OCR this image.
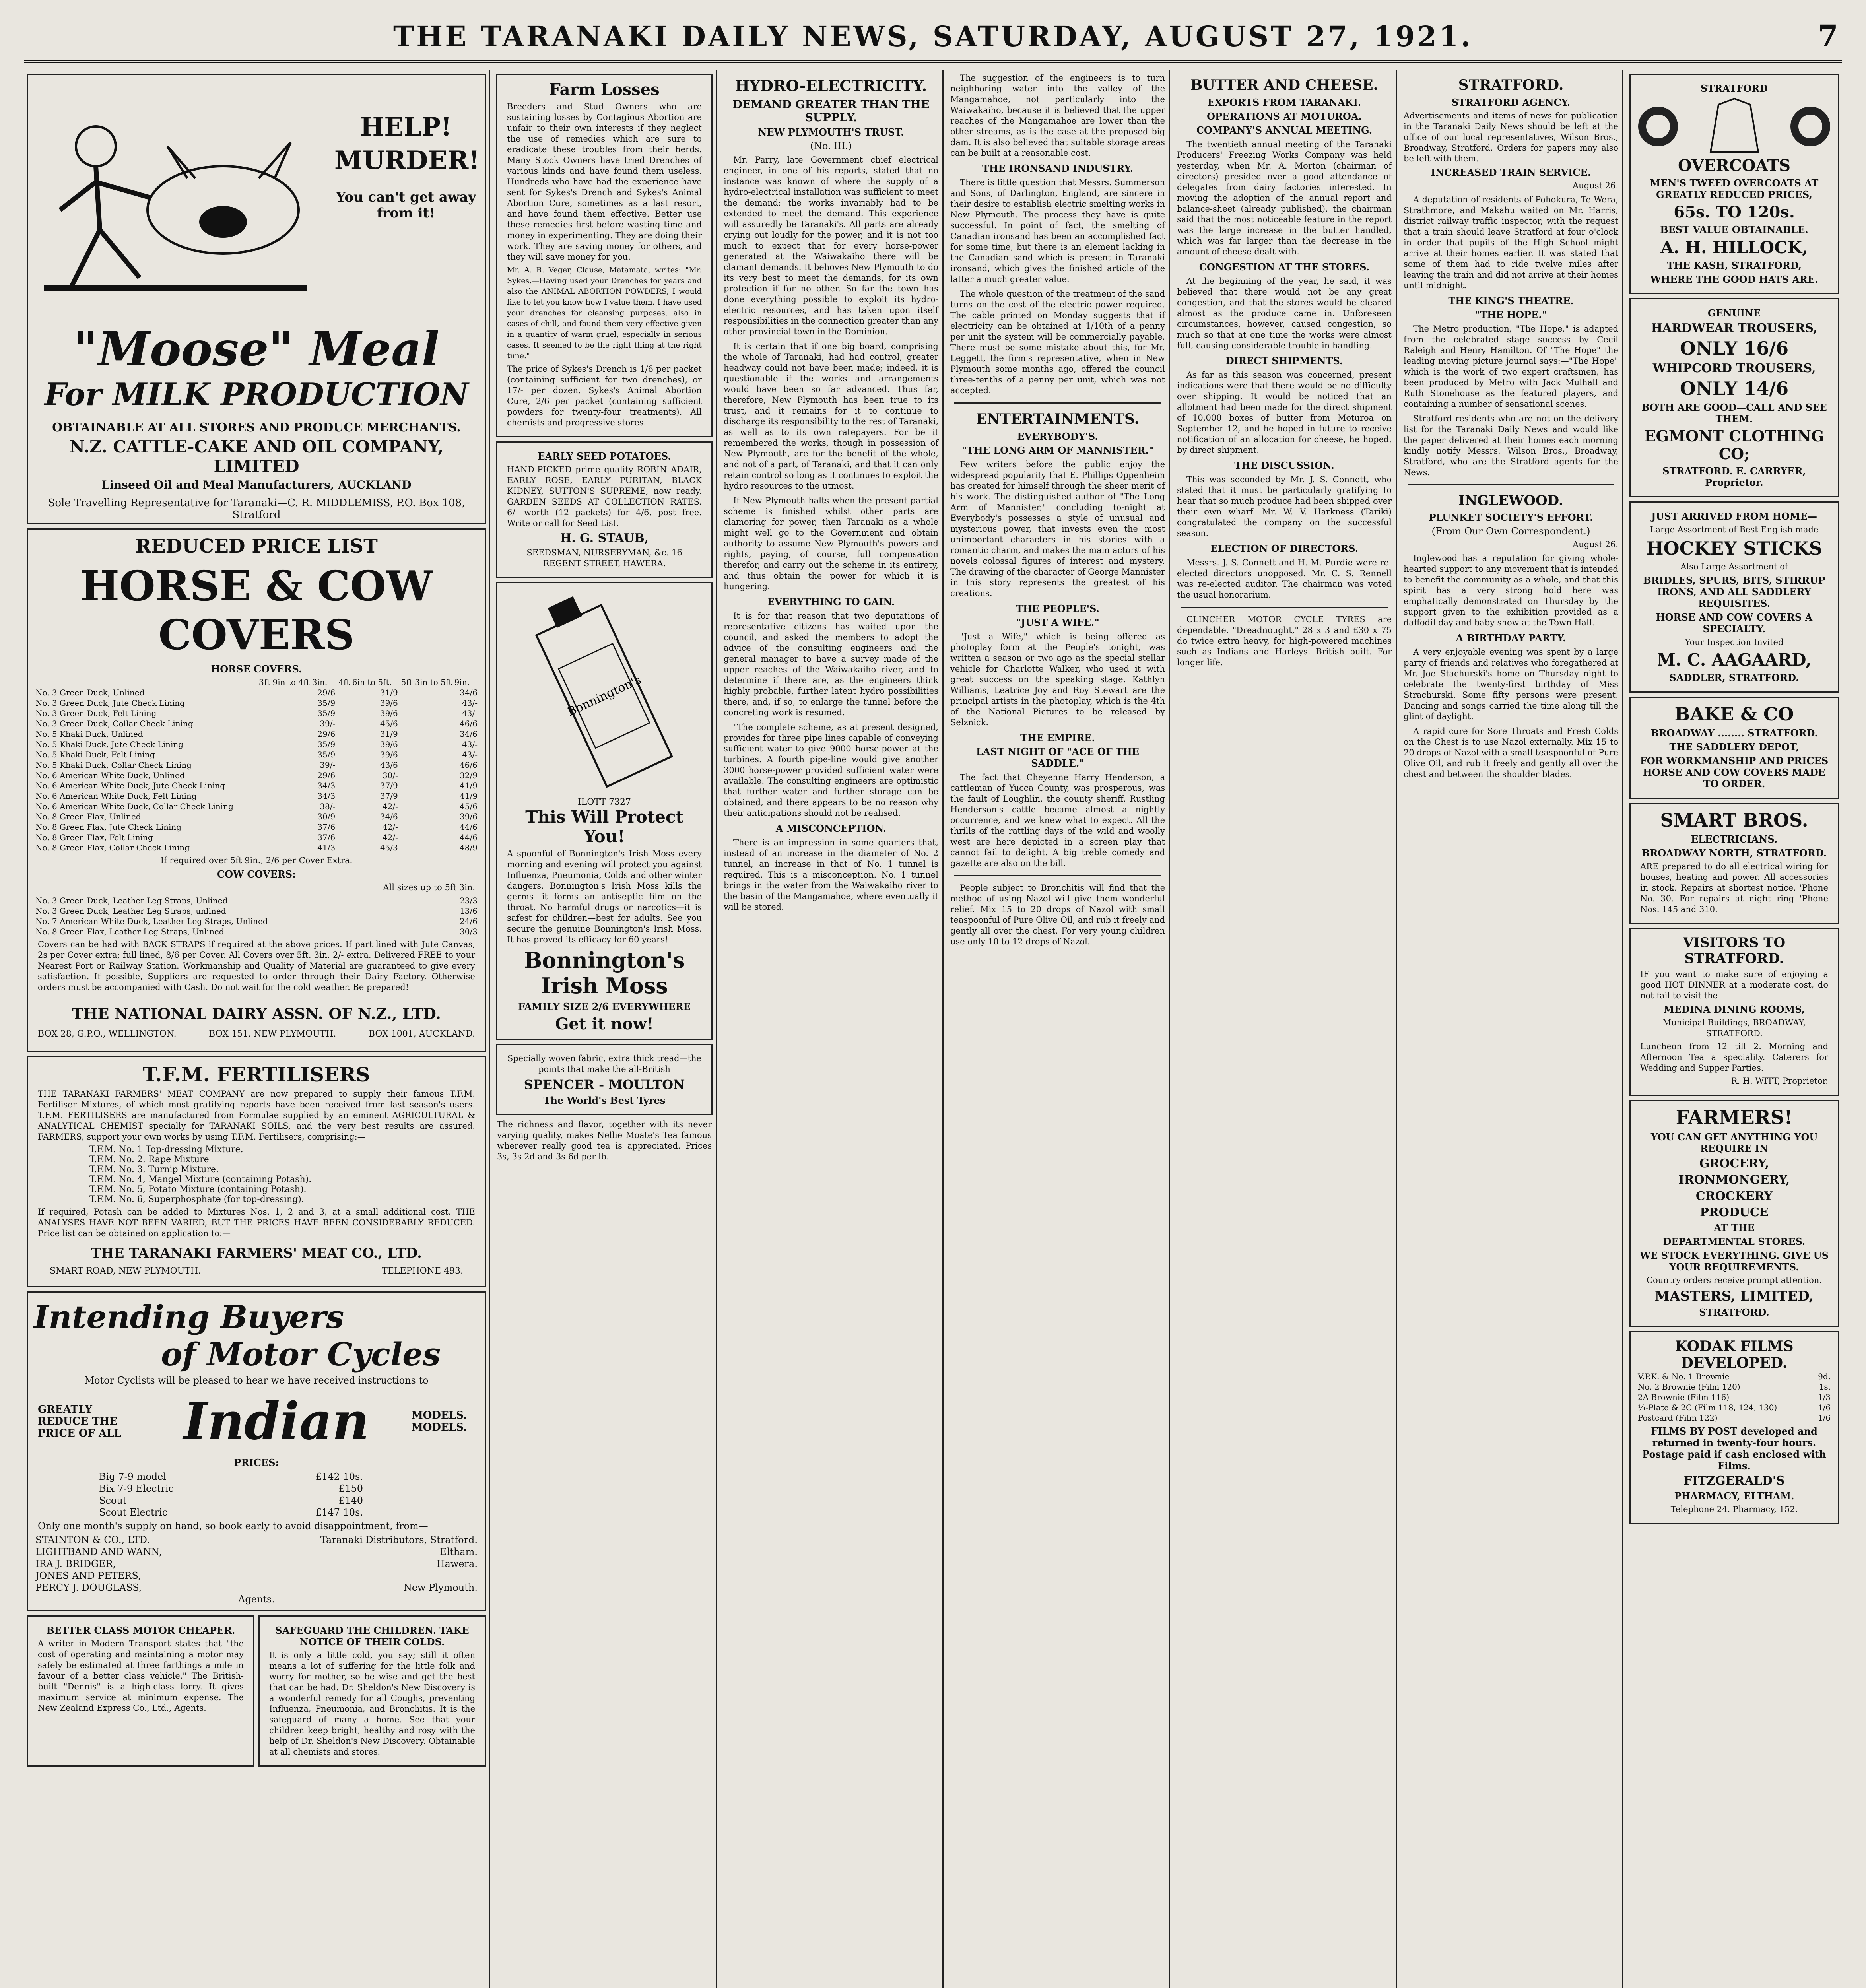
THE TARANAKI DAILY NEWS, SATURDAY, AUGUST 27, 1921.	7
HELP! MURDER!
You can't get away from it!
"Moose" Meal
For MILK PRODUCTION
OBTAINABLE AT ALL STORES AND PRODUCE MERCHANTS.
N.Z. CATTLE-CAKE AND OIL COMPANY, LIMITED
Linseed Oil and Meal Manufacturers, AUCKLAND
Sole Travelling Representative for Taranaki—C. R. MIDDLEMISS, P.O. Box 108, Stratford
REDUCED PRICE LIST
HORSE & COW COVERS
HORSE COVERS.
	3ft 9in to 4ft 3in.	4ft 6in to 5ft.	5ft 3in to 5ft 9in.
No. 3 Green Duck, Unlined	29/6	31/9	34/6
No. 3 Green Duck, Jute Check Lining	35/9	39/6	43/-
No. 3 Green Duck, Felt Lining	35/9	39/6	43/-
No. 3 Green Duck, Collar Check Lining	39/-	45/6	46/6
No. 5 Khaki Duck, Unlined	29/6	31/9	34/6
No. 5 Khaki Duck, Jute Check Lining	35/9	39/6	43/-
No. 5 Khaki Duck, Felt Lining	35/9	39/6	43/-
No. 5 Khaki Duck, Collar Check Lining	39/-	43/6	46/6
No. 6 American White Duck, Unlined	29/6	30/-	32/9
No. 6 American White Duck, Jute Check Lining	34/3	37/9	41/9
No. 6 American White Duck, Felt Lining	34/3	37/9	41/9
No. 6 American White Duck, Collar Check Lining	38/-	42/-	45/6
No. 8 Green Flax, Unlined	30/9	34/6	39/6
No. 8 Green Flax, Jute Check Lining	37/6	42/-	44/6
No. 8 Green Flax, Felt Lining	37/6	42/-	44/6
No. 8 Green Flax, Collar Check Lining	41/3	45/3	48/9
If required over 5ft 9in., 2/6 per Cover Extra.
COW COVERS:
All sizes up to 5ft 3in.
No. 3 Green Duck, Leather Leg Straps, Unlined	23/3
No. 3 Green Duck, Leather Leg Straps, unlined	13/6
No. 7 American White Duck, Leather Leg Straps, Unlined	24/6
No. 8 Green Flax, Leather Leg Straps, Unlined	30/3
Covers can be had with BACK STRAPS if required at the above prices. If part lined with Jute Canvas, 2s per Cover extra; full lined, 8/6 per Cover. All Covers over 5ft. 3in. 2/- extra. Delivered FREE to your Nearest Port or Railway Station. Workmanship and Quality of Material are guaranteed to give every satisfaction. If possible, Suppliers are requested to order through their Dairy Factory. Otherwise orders must be accompanied with Cash. Do not wait for the cold weather. Be prepared!
THE NATIONAL DAIRY ASSN. OF N.Z., LTD.
BOX 28, G.P.O., WELLINGTON.	BOX 151, NEW PLYMOUTH.	BOX 1001, AUCKLAND.
T.F.M. FERTILISERS
THE TARANAKI FARMERS' MEAT COMPANY are now prepared to supply their famous T.F.M. Fertiliser Mixtures, of which most gratifying reports have been received from last season's users. T.F.M. FERTILISERS are manufactured from Formulae supplied by an eminent AGRICULTURAL & ANALYTICAL CHEMIST specially for TARANAKI SOILS, and the very best results are assured. FARMERS, support your own works by using T.F.M. Fertilisers, comprising:—
T.F.M. No. 1 Top-dressing Mixture.
T.F.M. No. 2, Rape Mixture
T.F.M. No. 3, Turnip Mixture.
T.F.M. No. 4, Mangel Mixture (containing Potash).
T.F.M. No. 5, Potato Mixture (containing Potash).
T.F.M. No. 6, Superphosphate (for top-dressing).
If required, Potash can be added to Mixtures Nos. 1, 2 and 3, at a small additional cost. THE ANALYSES HAVE NOT BEEN VARIED, BUT THE PRICES HAVE BEEN CONSIDERABLY REDUCED. Price list can be obtained on application to:—
THE TARANAKI FARMERS' MEAT CO., LTD.
SMART ROAD, NEW PLYMOUTH.	TELEPHONE 493.
Intending Buyers
of Motor Cycles
Motor Cyclists will be pleased to hear we have received instructions to
GREATLY REDUCE THE PRICE OF ALL	Indian	MODELS. MODELS.
PRICES:
Big 7-9 model	£142 10s.
Bix 7-9 Electric	£150
Scout	£140
Scout Electric	£147 10s.
Only one month's supply on hand, so book early to avoid disappointment, from—
STAINTON & CO., LTD.	Taranaki Distributors, Stratford.
LIGHTBAND AND WANN,	Eltham.
IRA J. BRIDGER,	Hawera.
JONES AND PETERS,	
PERCY J. DOUGLASS,	New Plymouth.
Agents.
BETTER CLASS MOTOR CHEAPER.
A writer in Modern Transport states that "the cost of operating and maintaining a motor may safely be estimated at three farthings a mile in favour of a better class vehicle." The British-built "Dennis" is a high-class lorry. It gives maximum service at minimum expense. The New Zealand Express Co., Ltd., Agents.
SAFEGUARD THE CHILDREN. TAKE NOTICE OF THEIR COLDS.
It is only a little cold, you say; still it often means a lot of suffering for the little folk and worry for mother, so be wise and get the best that can be had. Dr. Sheldon's New Discovery is a wonderful remedy for all Coughs, preventing Influenza, Pneumonia, and Bronchitis. It is the safeguard of many a home. See that your children keep bright, healthy and rosy with the help of Dr. Sheldon's New Discovery. Obtainable at all chemists and stores.
Farm Losses
Breeders and Stud Owners who are sustaining losses by Contagious Abortion are unfair to their own interests if they neglect the use of remedies which are sure to eradicate these troubles from their herds. Many Stock Owners have tried Drenches of various kinds and have found them useless. Hundreds who have had the experience have sent for Sykes's Drench and Sykes's Animal Abortion Cure, sometimes as a last resort, and have found them effective. Better use these remedies first before wasting time and money in experimenting. They are doing their work. They are saving money for others, and they will save money for you.
Mr. A. R. Veger, Clause, Matamata, writes: "Mr. Sykes,—Having used your Drenches for years and also the ANIMAL ABORTION POWDERS, I would like to let you know how I value them. I have used your drenches for cleansing purposes, also in cases of chill, and found them very effective given in a quantity of warm gruel, especially in serious cases. It seemed to be the right thing at the right time."
The price of Sykes's Drench is 1/6 per packet (containing sufficient for two drenches), or 17/- per dozen. Sykes's Animal Abortion Cure, 2/6 per packet (containing sufficient powders for twenty-four treatments). All chemists and progressive stores.
EARLY SEED POTATOES.
HAND-PICKED prime quality ROBIN ADAIR, EARLY ROSE, EARLY PURITAN, BLACK KIDNEY, SUTTON'S SUPREME, now ready. GARDEN SEEDS AT COLLECTION RATES. 6/- worth (12 packets) for 4/6, post free. Write or call for Seed List.
H. G. STAUB,
SEEDSMAN, NURSERYMAN, &c. 16 REGENT STREET, HAWERA.
Bonnington's
ILOTT 7327
This Will Protect You!
A spoonful of Bonnington's Irish Moss every morning and evening will protect you against Influenza, Pneumonia, Colds and other winter dangers. Bonnington's Irish Moss kills the germs—it forms an antiseptic film on the throat. No harmful drugs or narcotics—it is safest for children—best for adults. See you secure the genuine Bonnington's Irish Moss. It has proved its efficacy for 60 years!
Bonnington's
Irish Moss
FAMILY SIZE 2/6 EVERYWHERE
Get it now!
Specially woven fabric, extra thick tread—the points that make the all-British
SPENCER - MOULTON
The World's Best Tyres
The richness and flavor, together with its never varying quality, makes Nellie Moate's Tea famous wherever really good tea is appreciated. Prices 3s, 3s 2d and 3s 6d per lb.
HYDRO-ELECTRICITY.
DEMAND GREATER THAN THE SUPPLY.
NEW PLYMOUTH'S TRUST.
(No. III.)

Mr. Parry, late Government chief electrical engineer, in one of his reports, stated that no instance was known of where the supply of a hydro-electrical installation was sufficient to meet the demand; the works invariably had to be extended to meet the demand. This experience will assuredly be Taranaki's. All parts are already crying out loudly for the power, and it is not too much to expect that for every horse-power generated at the Waiwakaiho there will be clamant demands. It behoves New Plymouth to do its very best to meet the demands, for its own protection if for no other. So far the town has done everything possible to exploit its hydro-electric resources, and has taken upon itself responsibilities in the connection greater than any other provincial town in the Dominion.

It is certain that if one big board, comprising the whole of Taranaki, had had control, greater headway could not have been made; indeed, it is questionable if the works and arrangements would have been so far advanced. Thus far, therefore, New Plymouth has been true to its trust, and it remains for it to continue to discharge its responsibility to the rest of Taranaki, as well as to its own ratepayers. For be it remembered the works, though in possession of New Plymouth, are for the benefit of the whole, and not of a part, of Taranaki, and that it can only retain control so long as it continues to exploit the hydro resources to the utmost.

If New Plymouth halts when the present partial scheme is finished whilst other parts are clamoring for power, then Taranaki as a whole might well go to the Government and obtain authority to assume New Plymouth's powers and rights, paying, of course, full compensation therefor, and carry out the scheme in its entirety, and thus obtain the power for which it is hungering.

EVERYTHING TO GAIN.

It is for that reason that two deputations of representative citizens has waited upon the council, and asked the members to adopt the advice of the consulting engineers and the general manager to have a survey made of the upper reaches of the Waiwakaiho river, and to determine if there are, as the engineers think highly probable, further latent hydro possibilities there, and, if so, to enlarge the tunnel before the concreting work is resumed.

"The complete scheme, as at present designed, provides for three pipe lines capable of conveying sufficient water to give 9000 horse-power at the turbines. A fourth pipe-line would give another 3000 horse-power provided sufficient water were available. The consulting engineers are optimistic that further water and further storage can be obtained, and there appears to be no reason why their anticipations should not be realised.

A MISCONCEPTION.

There is an impression in some quarters that, instead of an increase in the diameter of No. 2 tunnel, an increase in that of No. 1 tunnel is required. This is a misconception. No. 1 tunnel brings in the water from the Waiwakaiho river to the basin of the Mangamahoe, where eventually it will be stored.

The suggestion of the engineers is to turn neighboring water into the valley of the Mangamahoe, not particularly into the Waiwakaiho, because it is believed that the upper reaches of the Mangamahoe are lower than the other streams, as is the case at the proposed big dam. It is also believed that suitable storage areas can be built at a reasonable cost.

THE IRONSAND INDUSTRY.

There is little question that Messrs. Summerson and Sons, of Darlington, England, are sincere in their desire to establish electric smelting works in New Plymouth. The process they have is quite successful. In point of fact, the smelting of Canadian ironsand has been an accomplished fact for some time, but there is an element lacking in the Canadian sand which is present in Taranaki ironsand, which gives the finished article of the latter a much greater value.

The whole question of the treatment of the sand turns on the cost of the electric power required. The cable printed on Monday suggests that if electricity can be obtained at 1/10th of a penny per unit the system will be commercially payable. There must be some mistake about this, for Mr. Leggett, the firm's representative, when in New Plymouth some months ago, offered the council three-tenths of a penny per unit, which was not accepted.

ENTERTAINMENTS.
EVERYBODY'S.
"THE LONG ARM OF MANNISTER."

Few writers before the public enjoy the widespread popularity that E. Phillips Oppenheim has created for himself through the sheer merit of his work. The distinguished author of "The Long Arm of Mannister," concluding to-night at Everybody's possesses a style of unusual and mysterious power, that invests even the most unimportant characters in his stories with a romantic charm, and makes the main actors of his novels colossal figures of interest and mystery. The drawing of the character of George Mannister in this story represents the greatest of his creations.

THE PEOPLE'S.
"JUST A WIFE."

"Just a Wife," which is being offered as photoplay form at the People's tonight, was written a season or two ago as the special stellar vehicle for Charlotte Walker, who used it with great success on the speaking stage. Kathlyn Williams, Leatrice Joy and Roy Stewart are the principal artists in the photoplay, which is the 4th of the National Pictures to be released by Selznick.

THE EMPIRE.
LAST NIGHT OF "ACE OF THE SADDLE."

The fact that Cheyenne Harry Henderson, a cattleman of Yucca County, was prosperous, was the fault of Loughlin, the county sheriff. Rustling Henderson's cattle became almost a nightly occurrence, and we knew what to expect. All the thrills of the rattling days of the wild and woolly west are here depicted in a screen play that cannot fail to delight. A big treble comedy and gazette are also on the bill.

People subject to Bronchitis will find that the method of using Nazol will give them wonderful relief. Mix 15 to 20 drops of Nazol with small teaspoonful of Pure Olive Oil, and rub it freely and gently all over the chest. For very young children use only 10 to 12 drops of Nazol.

BUTTER AND CHEESE.
EXPORTS FROM TARANAKI.
OPERATIONS AT MOTUROA.
COMPANY'S ANNUAL MEETING.

The twentieth annual meeting of the Taranaki Producers' Freezing Works Company was held yesterday, when Mr. A. Morton (chairman of directors) presided over a good attendance of delegates from dairy factories interested. In moving the adoption of the annual report and balance-sheet (already published), the chairman said that the most noticeable feature in the report was the large increase in the butter handled, which was far larger than the decrease in the amount of cheese dealt with.

CONGESTION AT THE STORES.

At the beginning of the year, he said, it was believed that there would not be any great congestion, and that the stores would be cleared almost as the produce came in. Unforeseen circumstances, however, caused congestion, so much so that at one time the works were almost full, causing considerable trouble in handling.

DIRECT SHIPMENTS.

As far as this season was concerned, present indications were that there would be no difficulty over shipping. It would be noticed that an allotment had been made for the direct shipment of 10,000 boxes of butter from Moturoa on September 12, and he hoped in future to receive notification of an allocation for cheese, he hoped, by direct shipment.

THE DISCUSSION.

This was seconded by Mr. J. S. Connett, who stated that it must be particularly gratifying to hear that so much produce had been shipped over their own wharf. Mr. W. V. Harkness (Tariki) congratulated the company on the successful season.

ELECTION OF DIRECTORS.

Messrs. J. S. Connett and H. M. Purdie were re-elected directors unopposed. Mr. C. S. Rennell was re-elected auditor. The chairman was voted the usual honorarium.

CLINCHER MOTOR CYCLE TYRES are dependable. "Dreadnought," 28 x 3 and £30 x 75 do twice extra heavy, for high-powered machines such as Indians and Harleys. British built. For longer life.

STRATFORD.
STRATFORD AGENCY.
Advertisements and items of news for publication in the Taranaki Daily News should be left at the office of our local representatives, Wilson Bros., Broadway, Stratford. Orders for papers may also be left with them.
INCREASED TRAIN SERVICE.
August 26.

A deputation of residents of Pohokura, Te Wera, Strathmore, and Makahu waited on Mr. Harris, district railway traffic inspector, with the request that a train should leave Stratford at four o'clock in order that pupils of the High School might arrive at their homes earlier. It was stated that some of them had to ride twelve miles after leaving the train and did not arrive at their homes until midnight.

THE KING'S THEATRE.
"THE HOPE."

The Metro production, "The Hope," is adapted from the celebrated stage success by Cecil Raleigh and Henry Hamilton. Of "The Hope" the leading moving picture journal says:—"The Hope" which is the work of two expert craftsmen, has been produced by Metro with Jack Mulhall and Ruth Stonehouse as the featured players, and containing a number of sensational scenes.

Stratford residents who are not on the delivery list for the Taranaki Daily News and would like the paper delivered at their homes each morning kindly notify Messrs. Wilson Bros., Broadway, Stratford, who are the Stratford agents for the News.

INGLEWOOD.
PLUNKET SOCIETY'S EFFORT.
(From Our Own Correspondent.)
August 26.

Inglewood has a reputation for giving whole-hearted support to any movement that is intended to benefit the community as a whole, and that this spirit has a very strong hold here was emphatically demonstrated on Thursday by the support given to the exhibition provided as a daffodil day and baby show at the Town Hall.

A BIRTHDAY PARTY.

A very enjoyable evening was spent by a large party of friends and relatives who foregathered at Mr. Joe Stachurski's home on Thursday night to celebrate the twenty-first birthday of Miss Strachurski. Some fifty persons were present. Dancing and songs carried the time along till the glint of daylight.

A rapid cure for Sore Throats and Fresh Colds on the Chest is to use Nazol externally. Mix 15 to 20 drops of Nazol with a small teaspoonful of Pure Olive Oil, and rub it freely and gently all over the chest and between the shoulder blades.

STRATFORD
OVERCOATS
MEN'S TWEED OVERCOATS AT GREATLY REDUCED PRICES,
65s. TO 120s.
BEST VALUE OBTAINABLE.
A. H. HILLOCK,
THE KASH, STRATFORD,
WHERE THE GOOD HATS ARE.
GENUINE
HARDWEAR TROUSERS,
ONLY 16/6
WHIPCORD TROUSERS,
ONLY 14/6
BOTH ARE GOOD—CALL AND SEE THEM.
EGMONT CLOTHING CO;
STRATFORD. E. CARRYER, Proprietor.
JUST ARRIVED FROM HOME—
Large Assortment of Best English made
HOCKEY STICKS
Also Large Assortment of
BRIDLES, SPURS, BITS, STIRRUP IRONS, AND ALL SADDLERY REQUISITES.
HORSE AND COW COVERS A SPECIALTY.
Your Inspection Invited
M. C. AAGAARD,
SADDLER, STRATFORD.
BAKE & CO
BROADWAY ........ STRATFORD.
THE SADDLERY DEPOT,
FOR WORKMANSHIP AND PRICES HORSE AND COW COVERS MADE TO ORDER.
SMART BROS.
ELECTRICIANS.
BROADWAY NORTH, STRATFORD.
ARE prepared to do all electrical wiring for houses, heating and power. All accessories in stock. Repairs at shortest notice. 'Phone No. 30. For repairs at night ring 'Phone Nos. 145 and 310.
VISITORS TO STRATFORD.
IF you want to make sure of enjoying a good HOT DINNER at a moderate cost, do not fail to visit the
MEDINA DINING ROOMS,
Municipal Buildings, BROADWAY, STRATFORD.
Luncheon from 12 till 2. Morning and Afternoon Tea a speciality. Caterers for Wedding and Supper Parties.
R. H. WITT, Proprietor.
FARMERS!
YOU CAN GET ANYTHING YOU REQUIRE IN
GROCERY,
IRONMONGERY,
CROCKERY
PRODUCE
AT THE
DEPARTMENTAL STORES.
WE STOCK EVERYTHING. GIVE US YOUR REQUIREMENTS.
Country orders receive prompt attention.
MASTERS, LIMITED,
STRATFORD.
KODAK FILMS
DEVELOPED.
V.P.K. & No. 1 Brownie	9d.
No. 2 Brownie (Film 120)	1s.
2A Brownie (Film 116)	1/3
¼-Plate & 2C (Film 118, 124, 130)	1/6
Postcard (Film 122)	1/6
FILMS BY POST developed and returned in twenty-four hours. Postage paid if cash enclosed with Films.
FITZGERALD'S
PHARMACY, ELTHAM.
Telephone 24. Pharmacy, 152.
